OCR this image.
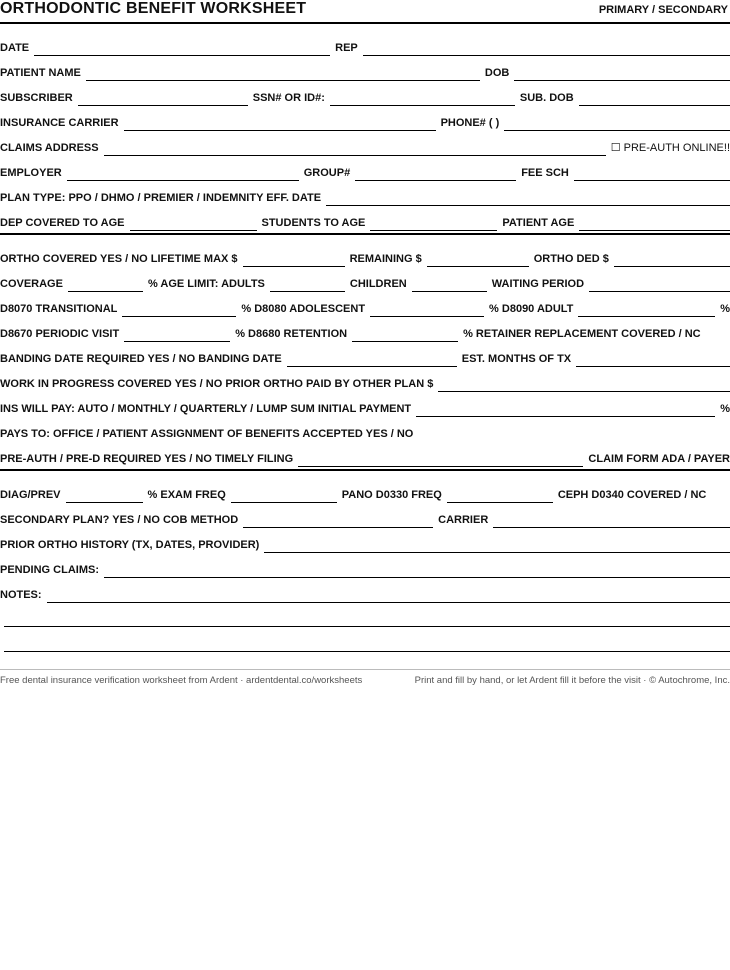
ORTHODONTIC BENEFIT WORKSHEET	PRIMARY / SECONDARY
DATE	REP
PATIENT NAME	DOB
SUBSCRIBER	SSN# OR ID#:	SUB. DOB
INSURANCE CARRIER	PHONE# ( )
CLAIMS ADDRESS	☐ PRE-AUTH ONLINE!!
EMPLOYER	GROUP#	FEE SCH
PLAN TYPE: PPO / DHMO / PREMIER / INDEMNITY EFF. DATE
DEP COVERED TO AGE	STUDENTS TO AGE	PATIENT AGE
ORTHO COVERED YES / NO LIFETIME MAX $	REMAINING $	ORTHO DED $
COVERAGE	% AGE LIMIT: ADULTS	CHILDREN	WAITING PERIOD
D8070 TRANSITIONAL	% D8080 ADOLESCENT	% D8090 ADULT	%
D8670 PERIODIC VISIT	% D8680 RETENTION	% RETAINER REPLACEMENT COVERED / NC
BANDING DATE REQUIRED YES / NO BANDING DATE	EST. MONTHS OF TX
WORK IN PROGRESS COVERED YES / NO PRIOR ORTHO PAID BY OTHER PLAN $
INS WILL PAY: AUTO / MONTHLY / QUARTERLY / LUMP SUM INITIAL PAYMENT	%
PAYS TO: OFFICE / PATIENT ASSIGNMENT OF BENEFITS ACCEPTED YES / NO
PRE-AUTH / PRE-D REQUIRED YES / NO TIMELY FILING	CLAIM FORM ADA / PAYER
DIAG/PREV	% EXAM FREQ	PANO D0330 FREQ	CEPH D0340 COVERED / NC
SECONDARY PLAN? YES / NO COB METHOD	CARRIER
PRIOR ORTHO HISTORY (TX, DATES, PROVIDER)
PENDING CLAIMS:
NOTES:
Free dental insurance verification worksheet from Ardent · ardentdental.co/worksheets	Print and fill by hand, or let Ardent fill it before the visit · © Autochrome, Inc.
